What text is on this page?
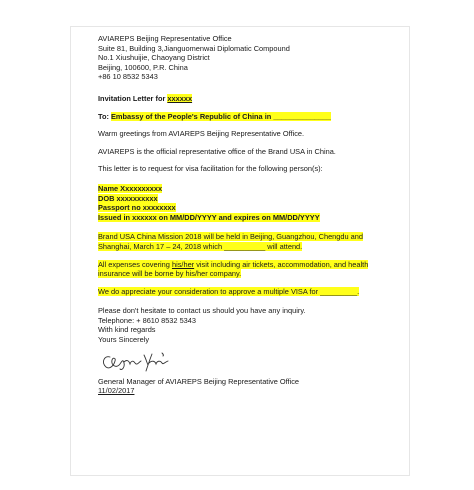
AVIAREPS Beijing Representative Office
Suite 81, Building 3,Jianguomenwai Diplomatic Compound
No.1 Xiushuijie, Chaoyang District
Beijing, 100600, P.R. China
+86 10 8532 5343
Invitation Letter for xxxxxx
To: Embassy of the People's Republic of China in ______________
Warm greetings from AVIAREPS Beijing Representative Office.
AVIAREPS is the official representative office of the Brand USA in China.
This letter is to request for visa facilitation for the following person(s):
Name Xxxxxxxxxx
DOB xxxxxxxxxx
Passport no xxxxxxxx
Issued in xxxxxx on MM/DD/YYYY and expires on MM/DD/YYYY
Brand USA China Mission 2018 will be held in Beijing, Guangzhou, Chengdu and
Shanghai, March 17 – 24, 2018 which __________ will attend.
All expenses covering his/her visit including air tickets, accommodation, and health
insurance will be borne by his/her company.
We do appreciate your consideration to approve a multiple VISA for _________.
Please don't hesitate to contact us should you have any inquiry.
Telephone: + 8610 8532 5343
With kind regards
Yours Sincerely
General Manager of AVIAREPS Beijing Representative Office
11/02/2017
